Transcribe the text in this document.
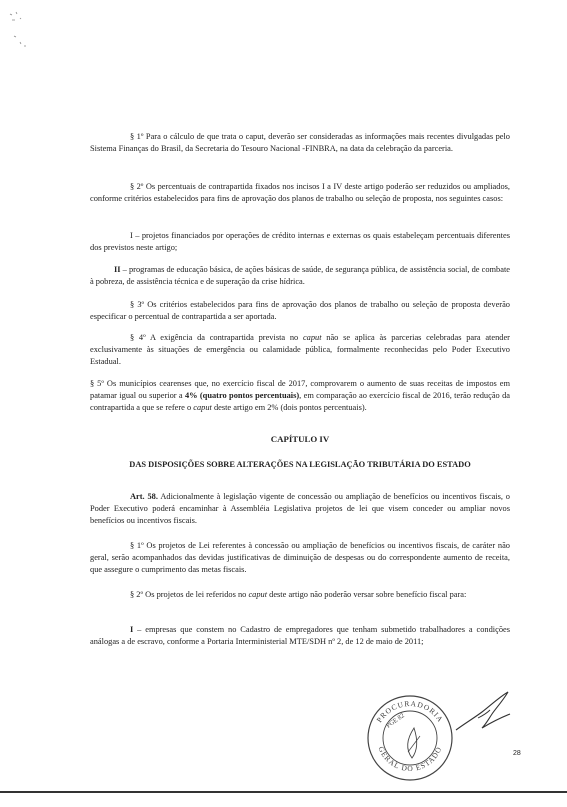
§ 1º Para o cálculo de que trata o caput, deverão ser consideradas as informações mais recentes divulgadas pelo Sistema Finanças do Brasil, da Secretaria do Tesouro Nacional -FINBRA, na data da celebração da parceria.

§ 2º Os percentuais de contrapartida fixados nos incisos I a IV deste artigo poderão ser reduzidos ou ampliados, conforme critérios estabelecidos para fins de aprovação dos planos de trabalho ou seleção de proposta, nos seguintes casos:

I – projetos financiados por operações de crédito internas e externas os quais estabeleçam percentuais diferentes dos previstos neste artigo;

II – programas de educação básica, de ações básicas de saúde, de segurança pública, de assistência social, de combate à pobreza, de assistência técnica e de superação da crise hídrica.

§ 3º Os critérios estabelecidos para fins de aprovação dos planos de trabalho ou seleção de proposta deverão especificar o percentual de contrapartida a ser aportada.

§ 4º A exigência da contrapartida prevista no caput não se aplica às parcerias celebradas para atender exclusivamente às situações de emergência ou calamidade pública, formalmente reconhecidas pelo Poder Executivo Estadual.

§ 5º Os municípios cearenses que, no exercício fiscal de 2017, comprovarem o aumento de suas receitas de impostos em patamar igual ou superior a 4% (quatro pontos percentuais), em comparação ao exercício fiscal de 2016, terão redução da contrapartida a que se refere o caput deste artigo em 2% (dois pontos percentuais).

CAPÍTULO IV

DAS DISPOSIÇÕES SOBRE ALTERAÇÕES NA LEGISLAÇÃO TRIBUTÁRIA DO ESTADO

Art. 58. Adicionalmente à legislação vigente de concessão ou ampliação de benefícios ou incentivos fiscais, o Poder Executivo poderá encaminhar à Assembléia Legislativa projetos de lei que visem conceder ou ampliar novos benefícios ou incentivos fiscais.

§ 1º Os projetos de Lei referentes à concessão ou ampliação de benefícios ou incentivos fiscais, de caráter não geral, serão acompanhados das devidas justificativas de diminuição de despesas ou do correspondente aumento de receita, que assegure o cumprimento das metas fiscais.

§ 2º Os projetos de lei referidos no caput deste artigo não poderão versar sobre benefício fiscal para:

I – empresas que constem no Cadastro de empregadores que tenham submetido trabalhadores a condições análogas a de escravo, conforme a Portaria Interministerial MTE/SDH nº 2, de 12 de maio de 2011;

PROCURADORIA
GERAL DO ESTADO
PGE 82
28
